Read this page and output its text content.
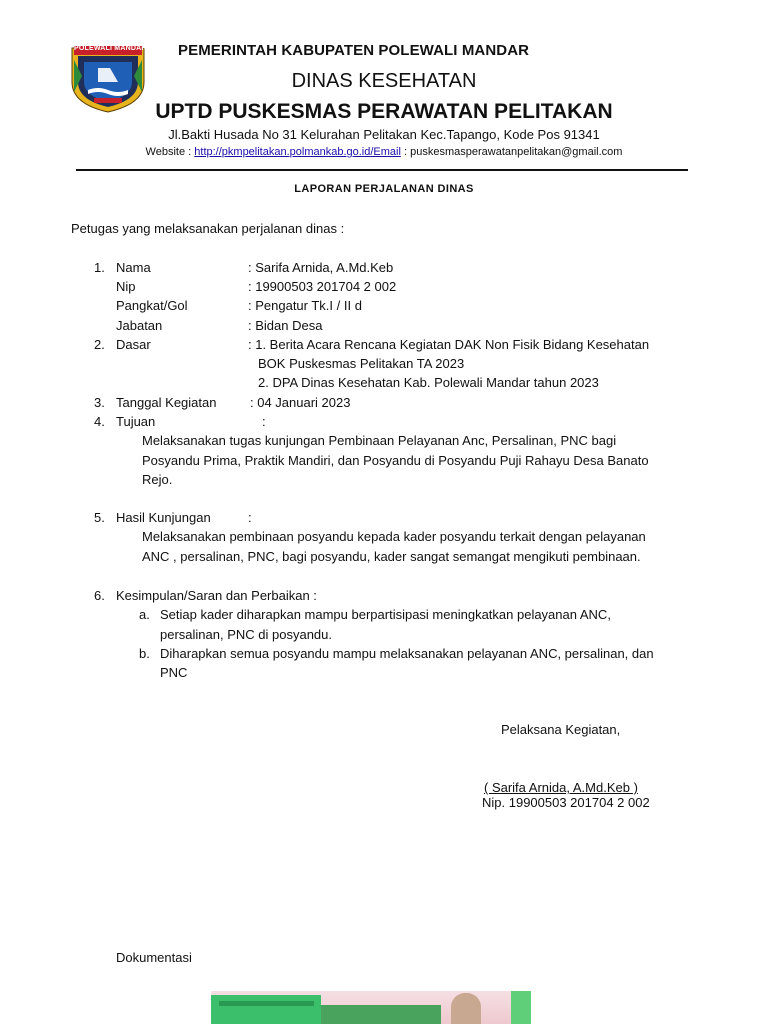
POLEWALI MANDAR PEMERINTAH KABUPATEN POLEWALI MANDAR
DINAS KESEHATAN
UPTD PUSKESMAS PERAWATAN PELITAKAN
Jl.Bakti Husada No 31 Kelurahan Pelitakan Kec.Tapango, Kode Pos 91341
Website : http://pkmpelitakan.polmankab.go.id/Email : puskesmasperawatanpelitakan@gmail.com
LAPORAN PERJALANAN DINAS
Petugas yang melaksanakan perjalanan dinas :
1. Nama	: Sarifa Arnida, A.Md.Keb
Nip	: 19900503 201704 2 002
Pangkat/Gol	: Pengatur Tk.I / II d
Jabatan	: Bidan Desa
2. Dasar	: 1. Berita Acara Rencana Kegiatan DAK Non Fisik Bidang Kesehatan
BOK Puskesmas Pelitakan TA 2023
2. DPA Dinas Kesehatan Kab. Polewali Mandar tahun 2023
3. Tanggal Kegiatan	: 04 Januari 2023
4. Tujuan	:
Melaksanakan tugas kunjungan Pembinaan Pelayanan Anc, Persalinan, PNC bagi
Posyandu Prima, Praktik Mandiri, dan Posyandu di Posyandu Puji Rahayu Desa Banato
Rejo.
5. Hasil Kunjungan	:
Melaksanakan pembinaan posyandu kepada kader posyandu terkait dengan pelayanan
ANC , persalinan, PNC, bagi posyandu, kader sangat semangat mengikuti pembinaan.
6. Kesimpulan/Saran dan Perbaikan :
a. Setiap kader diharapkan mampu berpartisipasi meningkatkan pelayanan ANC,
persalinan, PNC di posyandu.
b. Diharapkan semua posyandu mampu melaksanakan pelayanan ANC, persalinan, dan
PNC
Pelaksana Kegiatan,
( Sarifa Arnida, A.Md.Keb )
Nip. 19900503 201704 2 002
Dokumentasi
